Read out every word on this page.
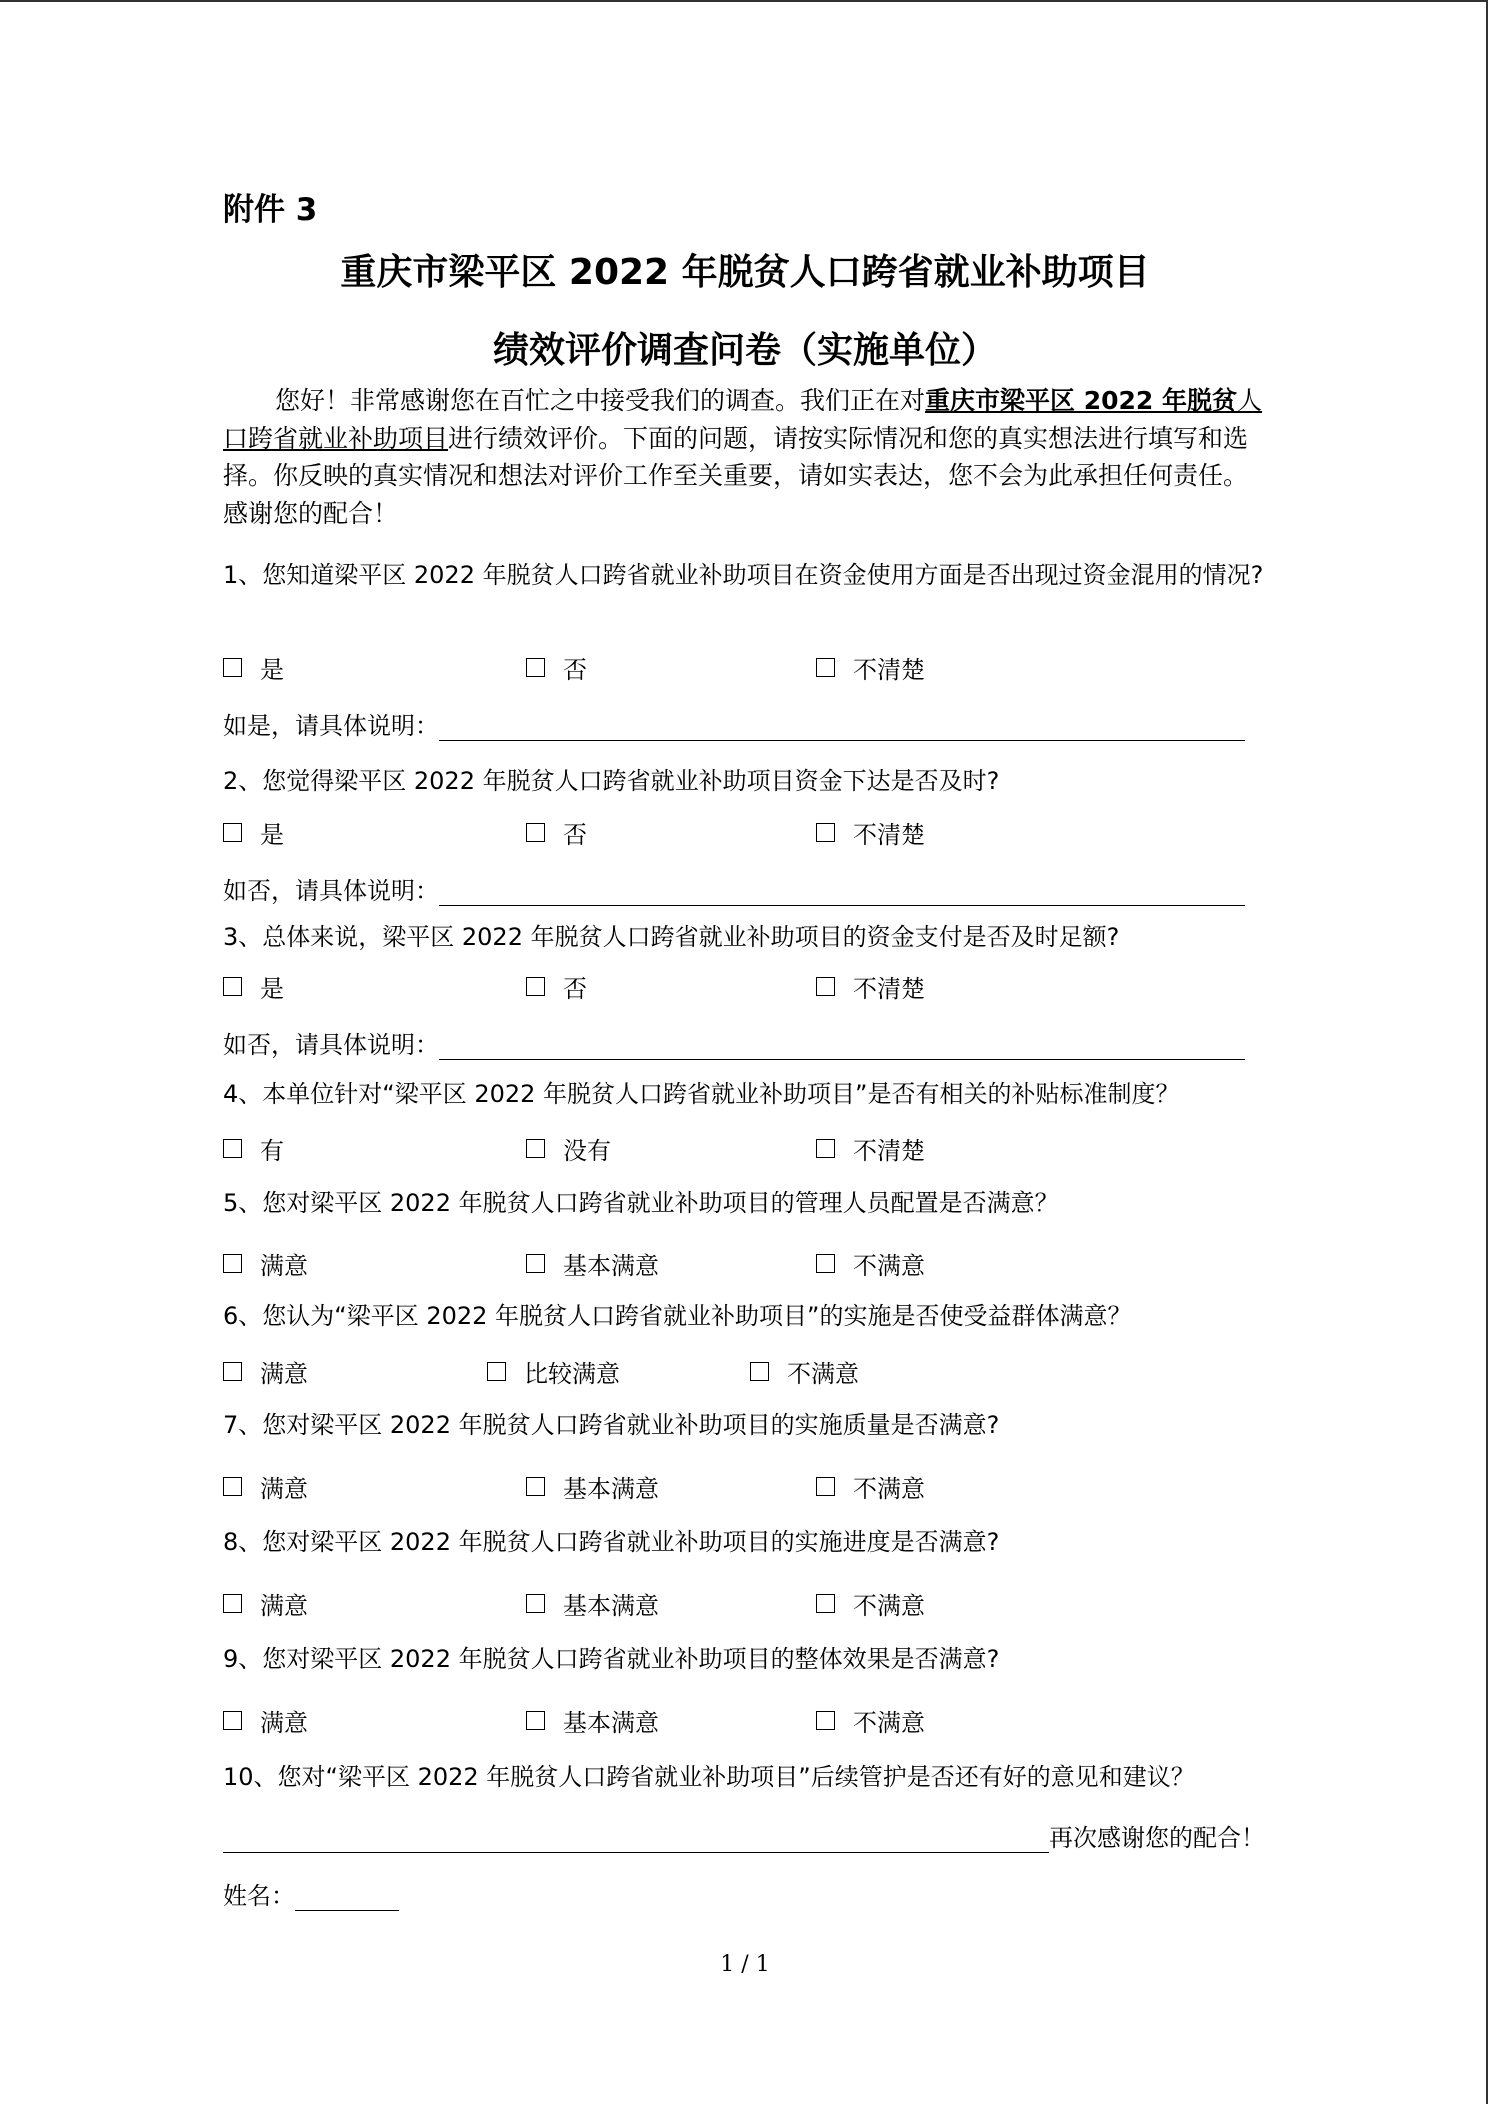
附件 3
重庆市梁平区 2022 年脱贫人口跨省就业补助项目
绩效评价调查问卷（实施单位）
您好！非常感谢您在百忙之中接受我们的调查。我们正在对重庆市梁平区 2022 年脱贫人口跨省就业补助项目进行绩效评价。下面的问题，请按实际情况和您的真实想法进行填写和选择。你反映的真实情况和想法对评价工作至关重要，请如实表达，您不会为此承担任何责任。感谢您的配合！
1、您知道梁平区 2022 年脱贫人口跨省就业补助项目在资金使用方面是否出现过资金混用的情况?
是	否	不清楚
如是，请具体说明：
2、您觉得梁平区 2022 年脱贫人口跨省就业补助项目资金下达是否及时?
是	否	不清楚
如否，请具体说明：
3、总体来说，梁平区 2022 年脱贫人口跨省就业补助项目的资金支付是否及时足额?
是	否	不清楚
如否，请具体说明：
4、本单位针对“梁平区 2022 年脱贫人口跨省就业补助项目”是否有相关的补贴标准制度？
有	没有	不清楚
5、您对梁平区 2022 年脱贫人口跨省就业补助项目的管理人员配置是否满意？
满意	基本满意	不满意
6、您认为“梁平区 2022 年脱贫人口跨省就业补助项目”的实施是否使受益群体满意？
满意	比较满意	不满意
7、您对梁平区 2022 年脱贫人口跨省就业补助项目的实施质量是否满意?
满意	基本满意	不满意
8、您对梁平区 2022 年脱贫人口跨省就业补助项目的实施进度是否满意?
满意	基本满意	不满意
9、您对梁平区 2022 年脱贫人口跨省就业补助项目的整体效果是否满意?
满意	基本满意	不满意
10、您对“梁平区 2022 年脱贫人口跨省就业补助项目”后续管护是否还有好的意见和建议？
再次感谢您的配合！
姓名：
1 / 1
